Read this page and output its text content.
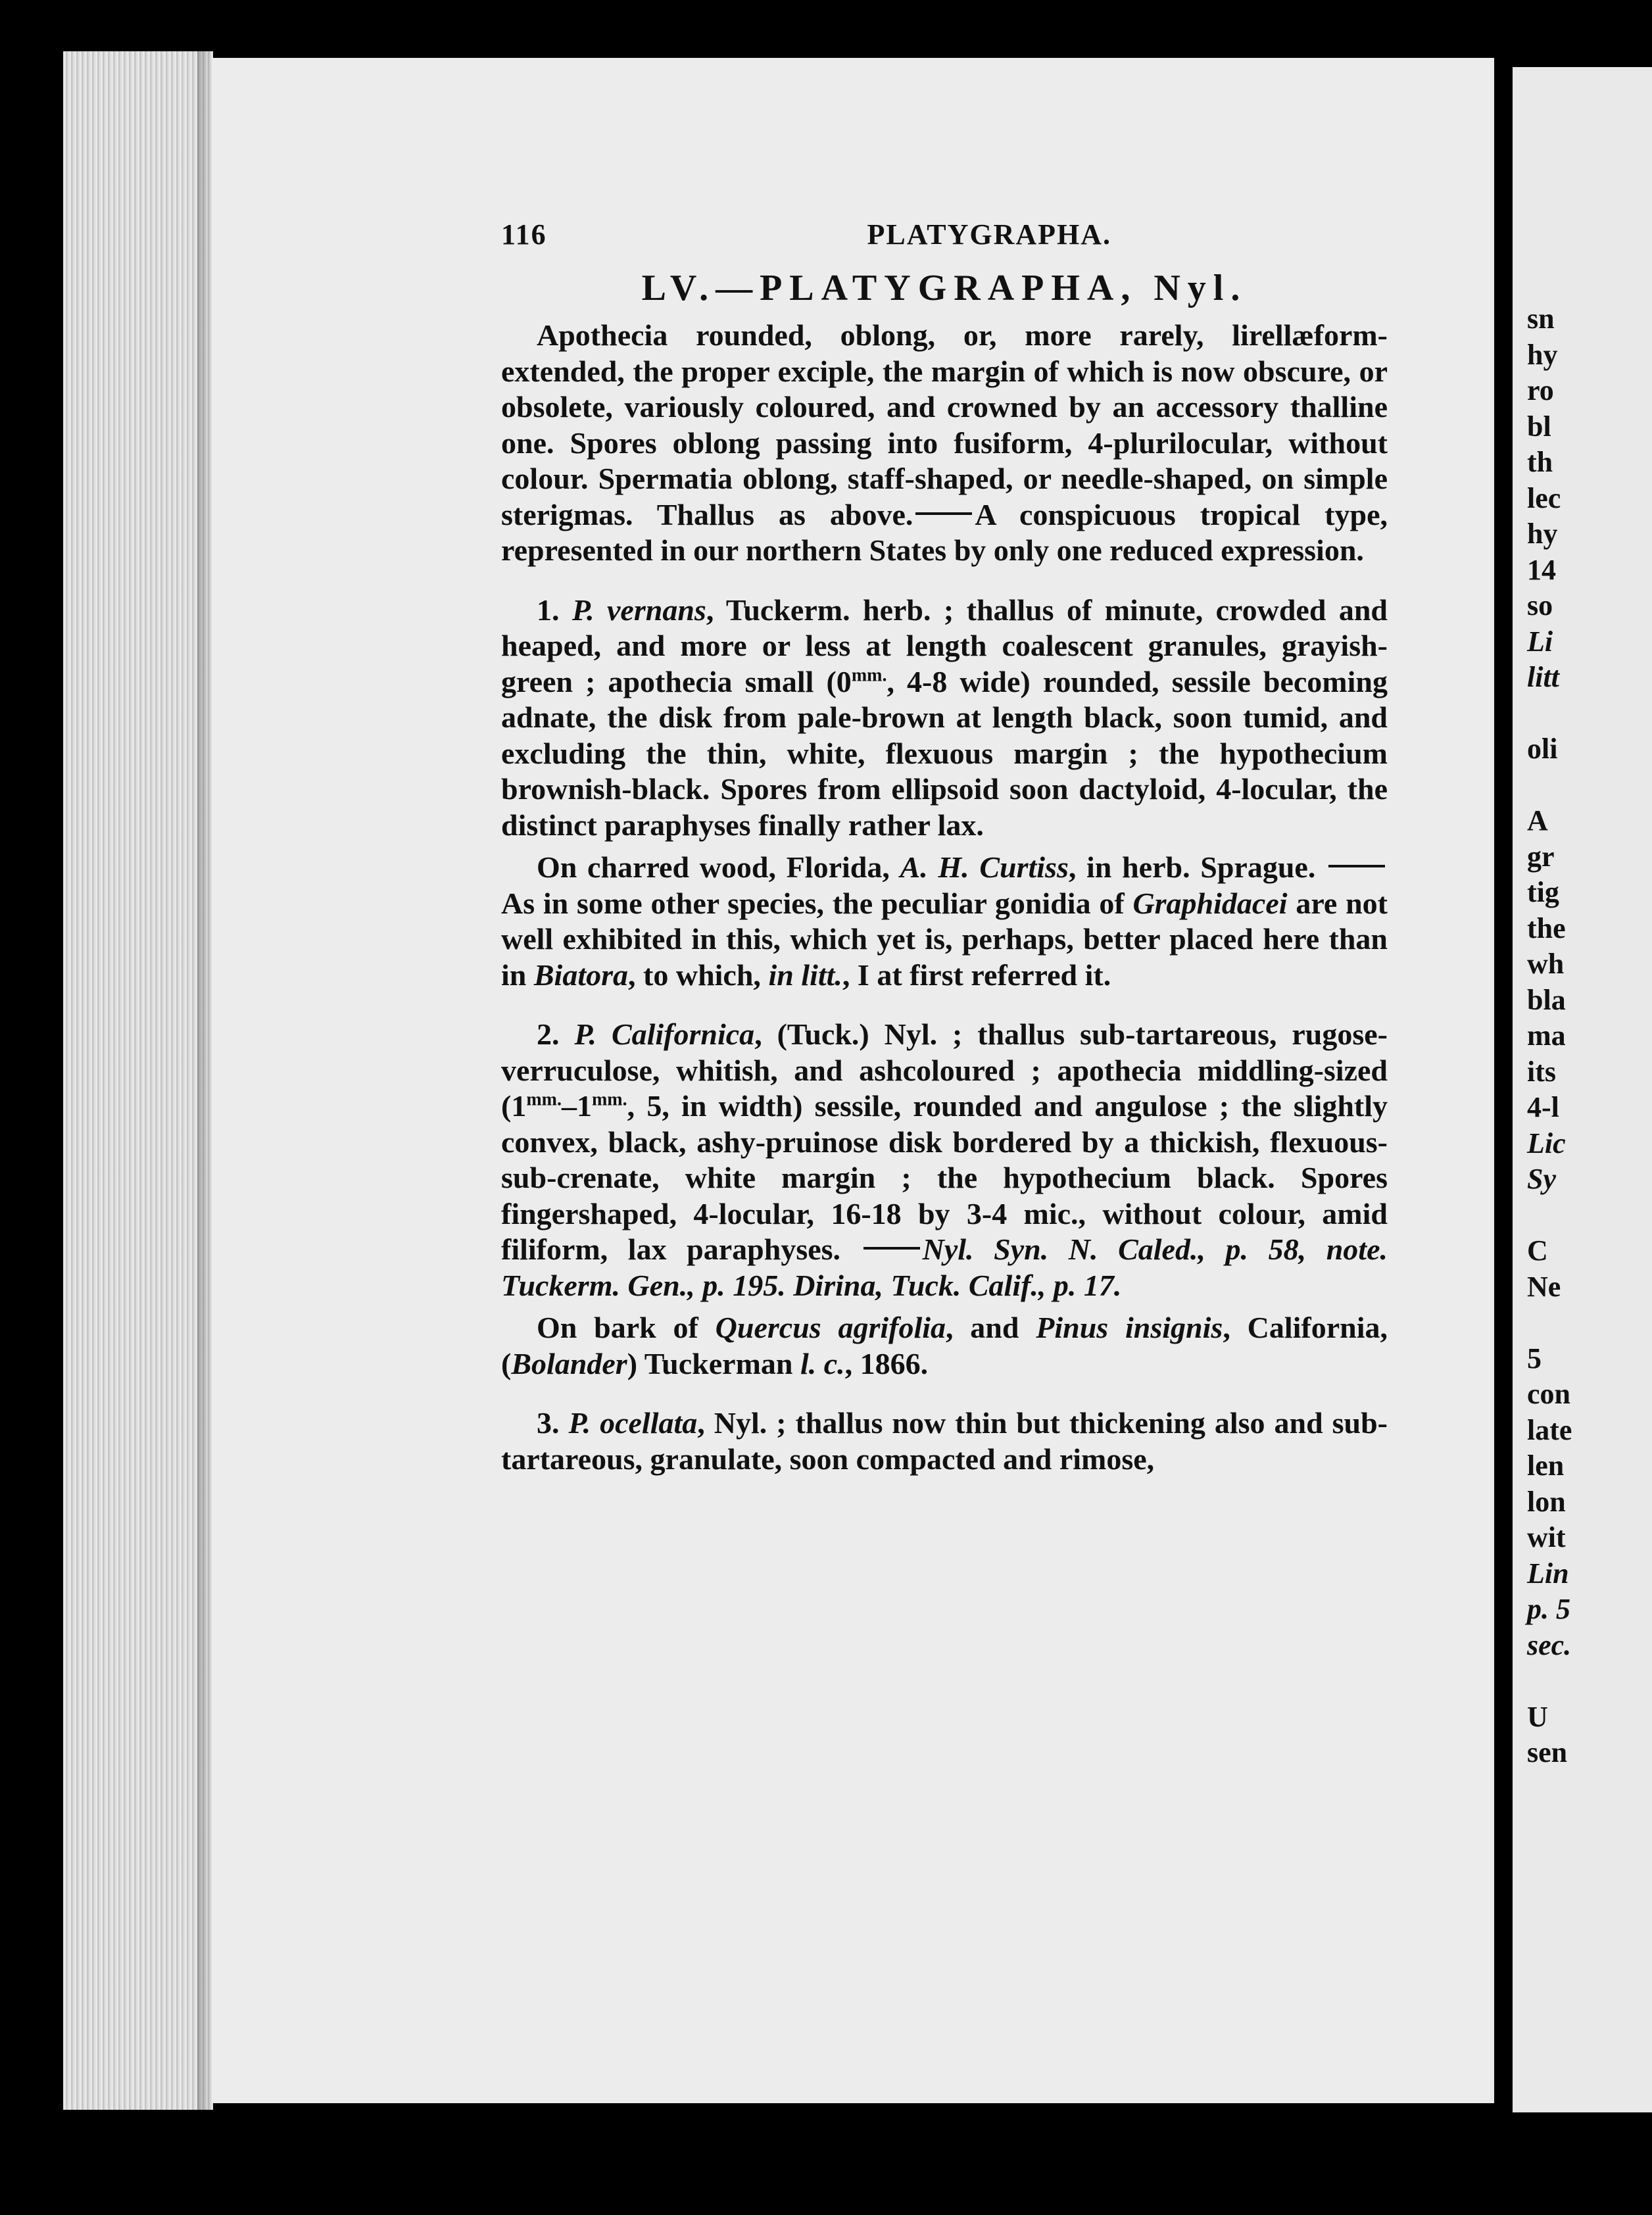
116	PLATYGRAPHA.
LV.—PLATYGRAPHA, Nyl.

Apothecia rounded, oblong, or, more rarely, lirellæform-extended, the proper exciple, the margin of which is now obscure, or obsolete, variously coloured, and crowned by an accessory thalline one. Spores oblong passing into fusiform, 4-plurilocular, without colour. Spermatia oblong, staff-shaped, or needle-shaped, on simple sterigmas. Thallus as above. A conspicuous tropical type, represented in our northern States by only one reduced expression.

1. P. vernans, Tuckerm. herb. ; thallus of minute, crowded and heaped, and more or less at length coalescent granules, grayish-green ; apothecia small ($0^{mm.}$, 4-8 wide) rounded, sessile becoming adnate, the disk from pale-brown at length black, soon tumid, and excluding the thin, white, flexuous margin ; the hypothecium brownish-black. Spores from ellipsoid soon dactyloid, 4-locular, the distinct paraphyses finally rather lax.

On charred wood, Florida, A. H. Curtiss, in herb. Sprague. As in some other species, the peculiar gonidia of Graphidacei are not well exhibited in this, which yet is, perhaps, better placed here than in Biatora, to which, in litt., I at first referred it.

2. P. Californica, (Tuck.) Nyl. ; thallus sub-tartareous, rugose-verruculose, whitish, and ashcoloured ; apothecia middling-sized ($1^{mm.}-1^{mm.}$, 5, in width) sessile, rounded and angulose ; the slightly convex, black, ashy-pruinose disk bordered by a thickish, flexuous-sub-crenate, white margin ; the hypothecium black. Spores fingershaped, 4-locular, 16-18 by 3-4 mic., without colour, amid filiform, lax paraphyses.	Nyl. Syn. N. Caled., p. 58, note. Tuckerm. Gen., p. 195. Dirina, Tuck. Calif., p. 17.

On bark of Quercus agrifolia, and Pinus insignis, California, (Bolander) Tuckerman l. c., 1866.

3. P. ocellata, Nyl. ; thallus now thin but thickening also and sub-tartareous, granulate, soon compacted and rimose,

sn
hy
ro
bl
th
lec
hy
14
so
Li
litt
oli
A
gr
tig
the
wh
bla
ma
its
4-l
Lic
Sy
C
Ne
5
con
late
len
lon
wit
Lin
p. 5
sec.
U
sen
